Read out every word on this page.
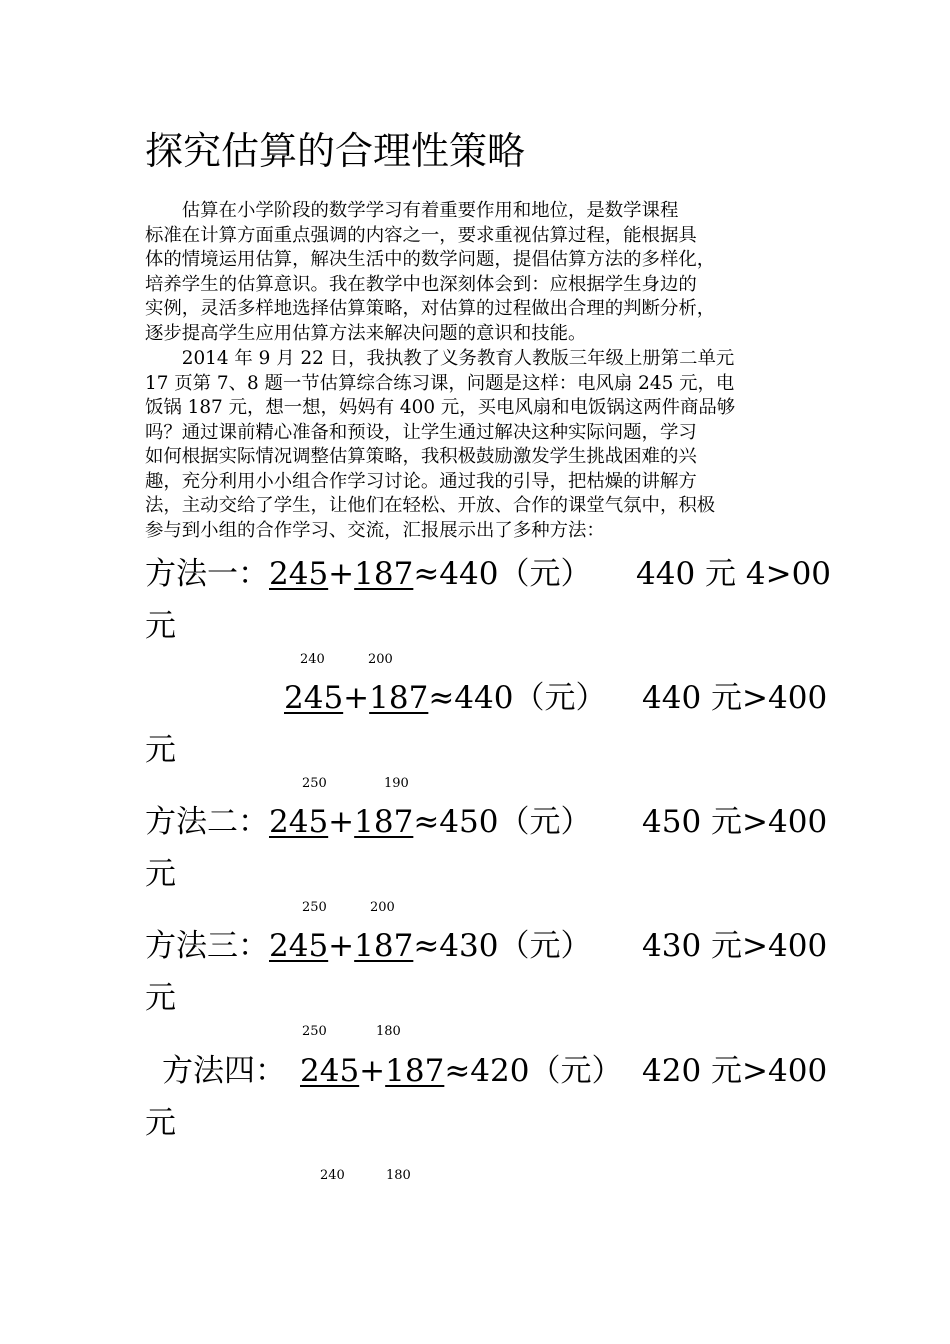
探究估算的合理性策略
　　估算在小学阶段的数学学习有着重要作用和地位，是数学课程
标准在计算方面重点强调的内容之一，要求重视估算过程，能根据具
体的情境运用估算，解决生活中的数学问题，提倡估算方法的多样化，
培养学生的估算意识。我在教学中也深刻体会到：应根据学生身边的
实例，灵活多样地选择估算策略，对估算的过程做出合理的判断分析，
逐步提高学生应用估算方法来解决问题的意识和技能。
　　2014 年 9 月 22 日，我执教了义务教育人教版三年级上册第二单元
17 页第 7、8 题一节估算综合练习课，问题是这样：电风扇 245 元，电
饭锅 187 元，想一想，妈妈有 400 元，买电风扇和电饭锅这两件商品够
吗？通过课前精心准备和预设，让学生通过解决这种实际问题，学习
如何根据实际情况调整估算策略，我积极鼓励激发学生挑战困难的兴
趣，充分利用小小组合作学习讨论。通过我的引导，把枯燥的讲解方
法，主动交给了学生，让他们在轻松、开放、合作的课堂气氛中，积极
参与到小组的合作学习、交流，汇报展示出了多种方法：
方法一：245+187≈440（元） 440 元 4>00
元
240	200
245+187≈440（元） 440 元>400
元
250	190
方法二：245+187≈450（元） 450 元>400
元
250	200
方法三：245+187≈430（元） 430 元>400
元
250	180
方法四： 245+187≈420（元） 420 元>400
元
240	180
